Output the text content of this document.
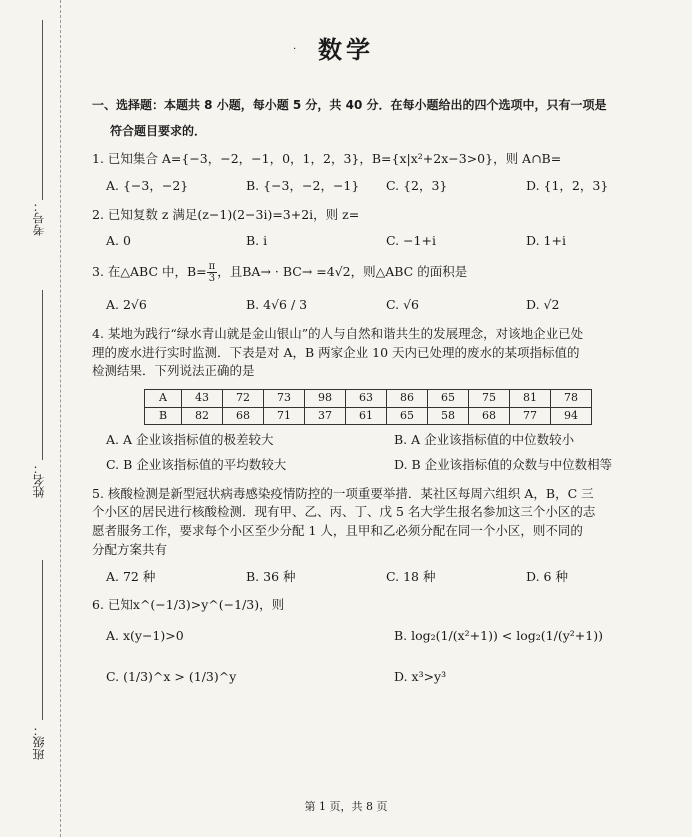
考号：
姓名：
班级：
· 数学
一、选择题：本题共 8 小题，每小题 5 分，共 40 分．在每小题给出的四个选项中，只有一项是
符合题目要求的．
1. 已知集合 A={−3，−2，−1，0，1，2，3}，B={x|x²+2x−3>0}，则 A∩B=
A. {−3，−2}	B. {−3，−2，−1}	C. {2，3}	D. {1，2，3}
2. 已知复数 z 满足(z−1)(2−3i)=3+2i，则 z=
A. 0	B. i	C. −1+i	D. 1+i
3. 在△ABC 中，$B= \frac{\pi}{3}$ ，且BA→ · BC→ =4√2，则△ABC 的面积是
A. 2√6	B. 4√6 / 3	C. √6	D. √2
4. 某地为践行“绿水青山就是金山银山”的人与自然和谐共生的发展理念，对该地企业已处
理的废水进行实时监测．下表是对 A，B 两家企业 10 天内已处理的废水的某项指标值的
检测结果．下列说法正确的是
A	43	72	73	98	63	86	65	75	81	78
B	82	68	71	37	61	65	58	68	77	94
A. A 企业该指标值的极差较大	B. A 企业该指标值的中位数较小
C. B 企业该指标值的平均数较大	D. B 企业该指标值的众数与中位数相等
5. 核酸检测是新型冠状病毒感染疫情防控的一项重要举措．某社区每周六组织 A，B，C 三
个小区的居民进行核酸检测．现有甲、乙、丙、丁、戊 5 名大学生报名参加这三个小区的志
愿者服务工作，要求每个小区至少分配 1 人，且甲和乙必须分配在同一个小区，则不同的
分配方案共有
A. 72 种	B. 36 种	C. 18 种	D. 6 种
6. 已知x^(−1/3)>y^(−1/3)，则
A. x(y−1)>0	B. log₂(1/(x²+1)) < log₂(1/(y²+1))
C. (1/3)^x > (1/3)^y	D. x³>y³
第 1 页，共 8 页
